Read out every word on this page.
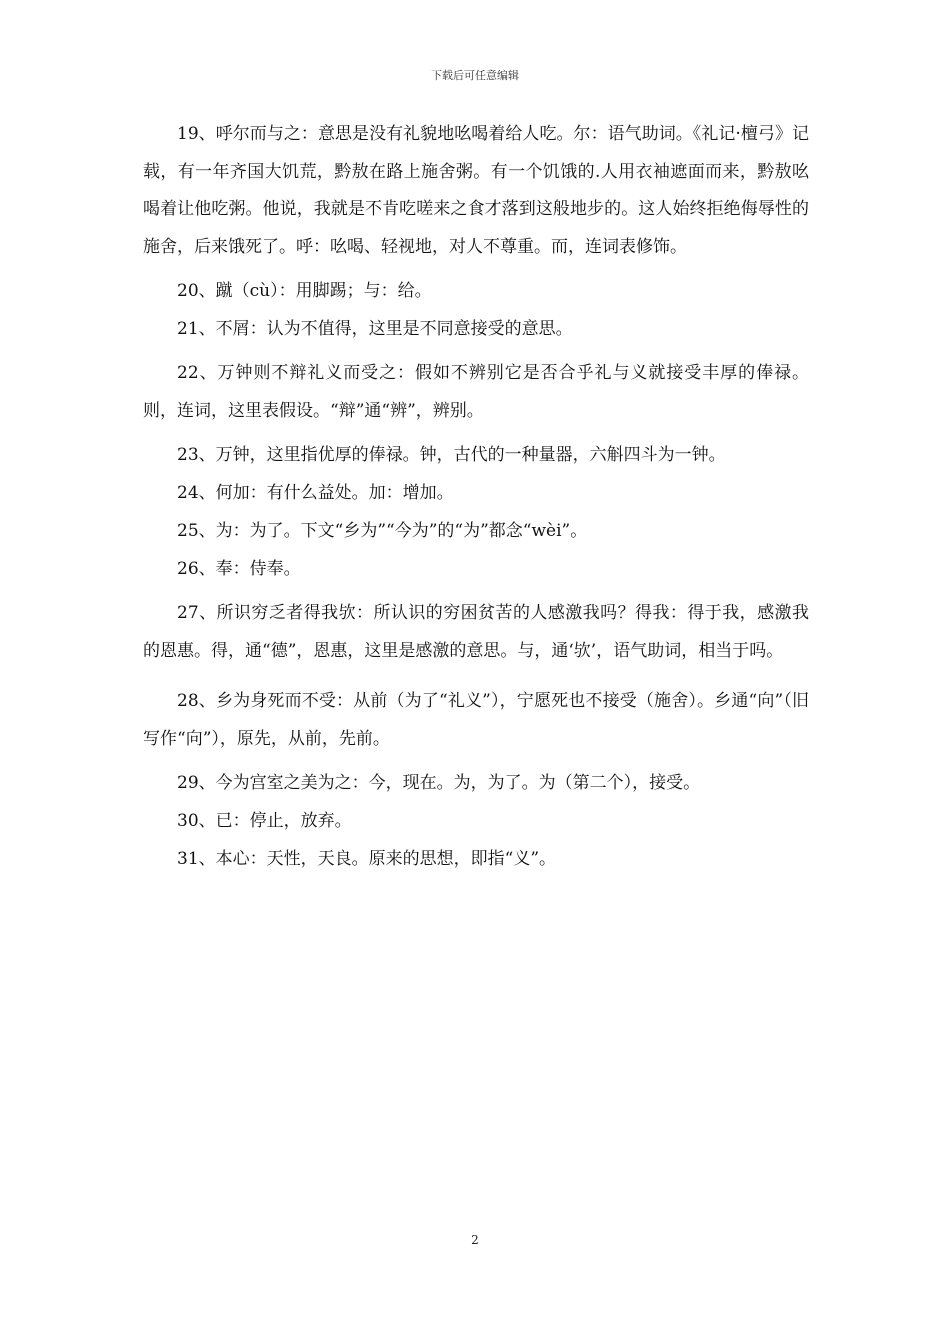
下载后可任意编辑

19、呼尔而与之：意思是没有礼貌地吆喝着给人吃。尔：语气助词。《礼记·檀弓》记载，有一年齐国大饥荒，黔敖在路上施舍粥。有一个饥饿的.人用衣袖遮面而来，黔敖吆喝着让他吃粥。他说，我就是不肯吃嗟来之食才落到这般地步的。这人始终拒绝侮辱性的施舍，后来饿死了。呼：吆喝、轻视地，对人不尊重。而，连词表修饰。

20、蹴（cù）：用脚踢；与：给。

21、不屑：认为不值得，这里是不同意接受的意思。

22、万钟则不辩礼义而受之：假如不辨别它是否合乎礼与义就接受丰厚的俸禄。则，连词，这里表假设。“辩”通“辨”，辨别。

23、万钟，这里指优厚的俸禄。钟，古代的一种量器，六斛四斗为一钟。

24、何加：有什么益处。加：增加。

25、为：为了。下文“乡为”“今为”的“为”都念“wèi”。

26、奉：侍奉。

27、所识穷乏者得我欤：所认识的穷困贫苦的人感激我吗？得我：得于我，感激我的恩惠。得，通“德”，恩惠，这里是感激的意思。与，通‘欤’，语气助词，相当于吗。

28、乡为身死而不受：从前（为了“礼义”），宁愿死也不接受（施舍）。乡通“向”（旧写作“向”），原先，从前，先前。

29、今为宫室之美为之：今，现在。为，为了。为（第二个），接受。

30、已：停止，放弃。

31、本心：天性，天良。原来的思想，即指“义”。

2
